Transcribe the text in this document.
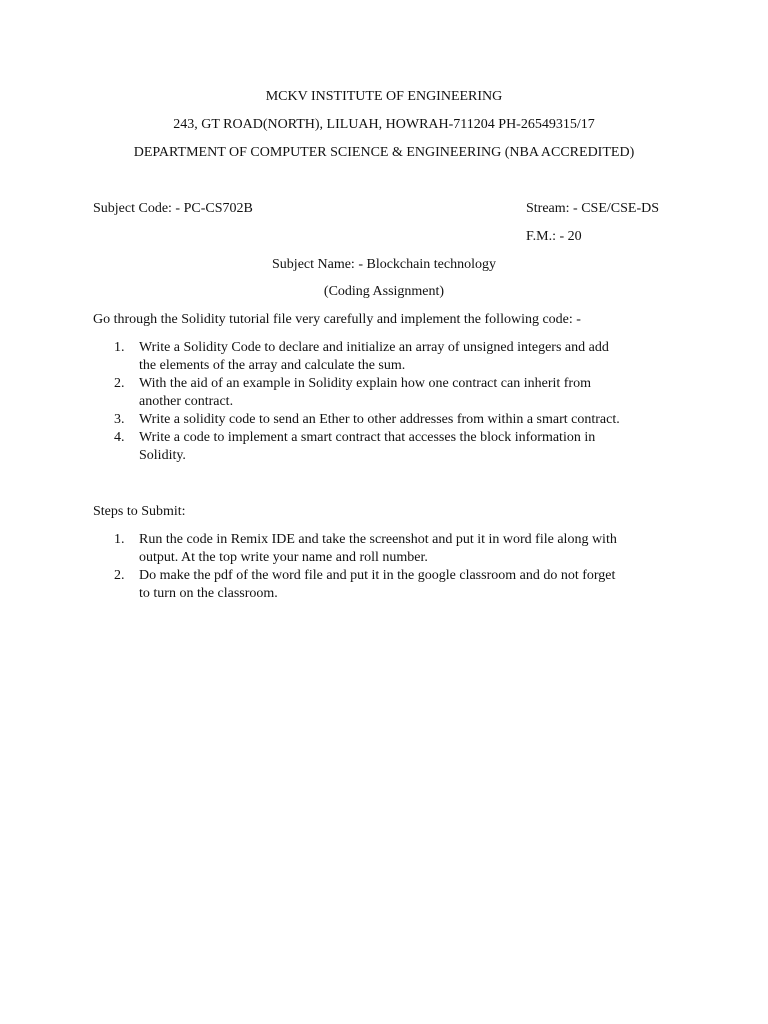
MCKV INSTITUTE OF ENGINEERING
243, GT ROAD(NORTH), LILUAH, HOWRAH-711204 PH-26549315/17
DEPARTMENT OF COMPUTER SCIENCE & ENGINEERING (NBA ACCREDITED)
Subject Code: - PC-CS702B	Stream: - CSE/CSE-DS
F.M.: - 20
Subject Name: - Blockchain technology
(Coding Assignment)
Go through the Solidity tutorial file very carefully and implement the following code: -
1. Write a Solidity Code to declare and initialize an array of unsigned integers and add
the elements of the array and calculate the sum.
2. With the aid of an example in Solidity explain how one contract can inherit from
another contract.
3. Write a solidity code to send an Ether to other addresses from within a smart contract.
4. Write a code to implement a smart contract that accesses the block information in
Solidity.
Steps to Submit:
1. Run the code in Remix IDE and take the screenshot and put it in word file along with
output. At the top write your name and roll number.
2. Do make the pdf of the word file and put it in the google classroom and do not forget
to turn on the classroom.
